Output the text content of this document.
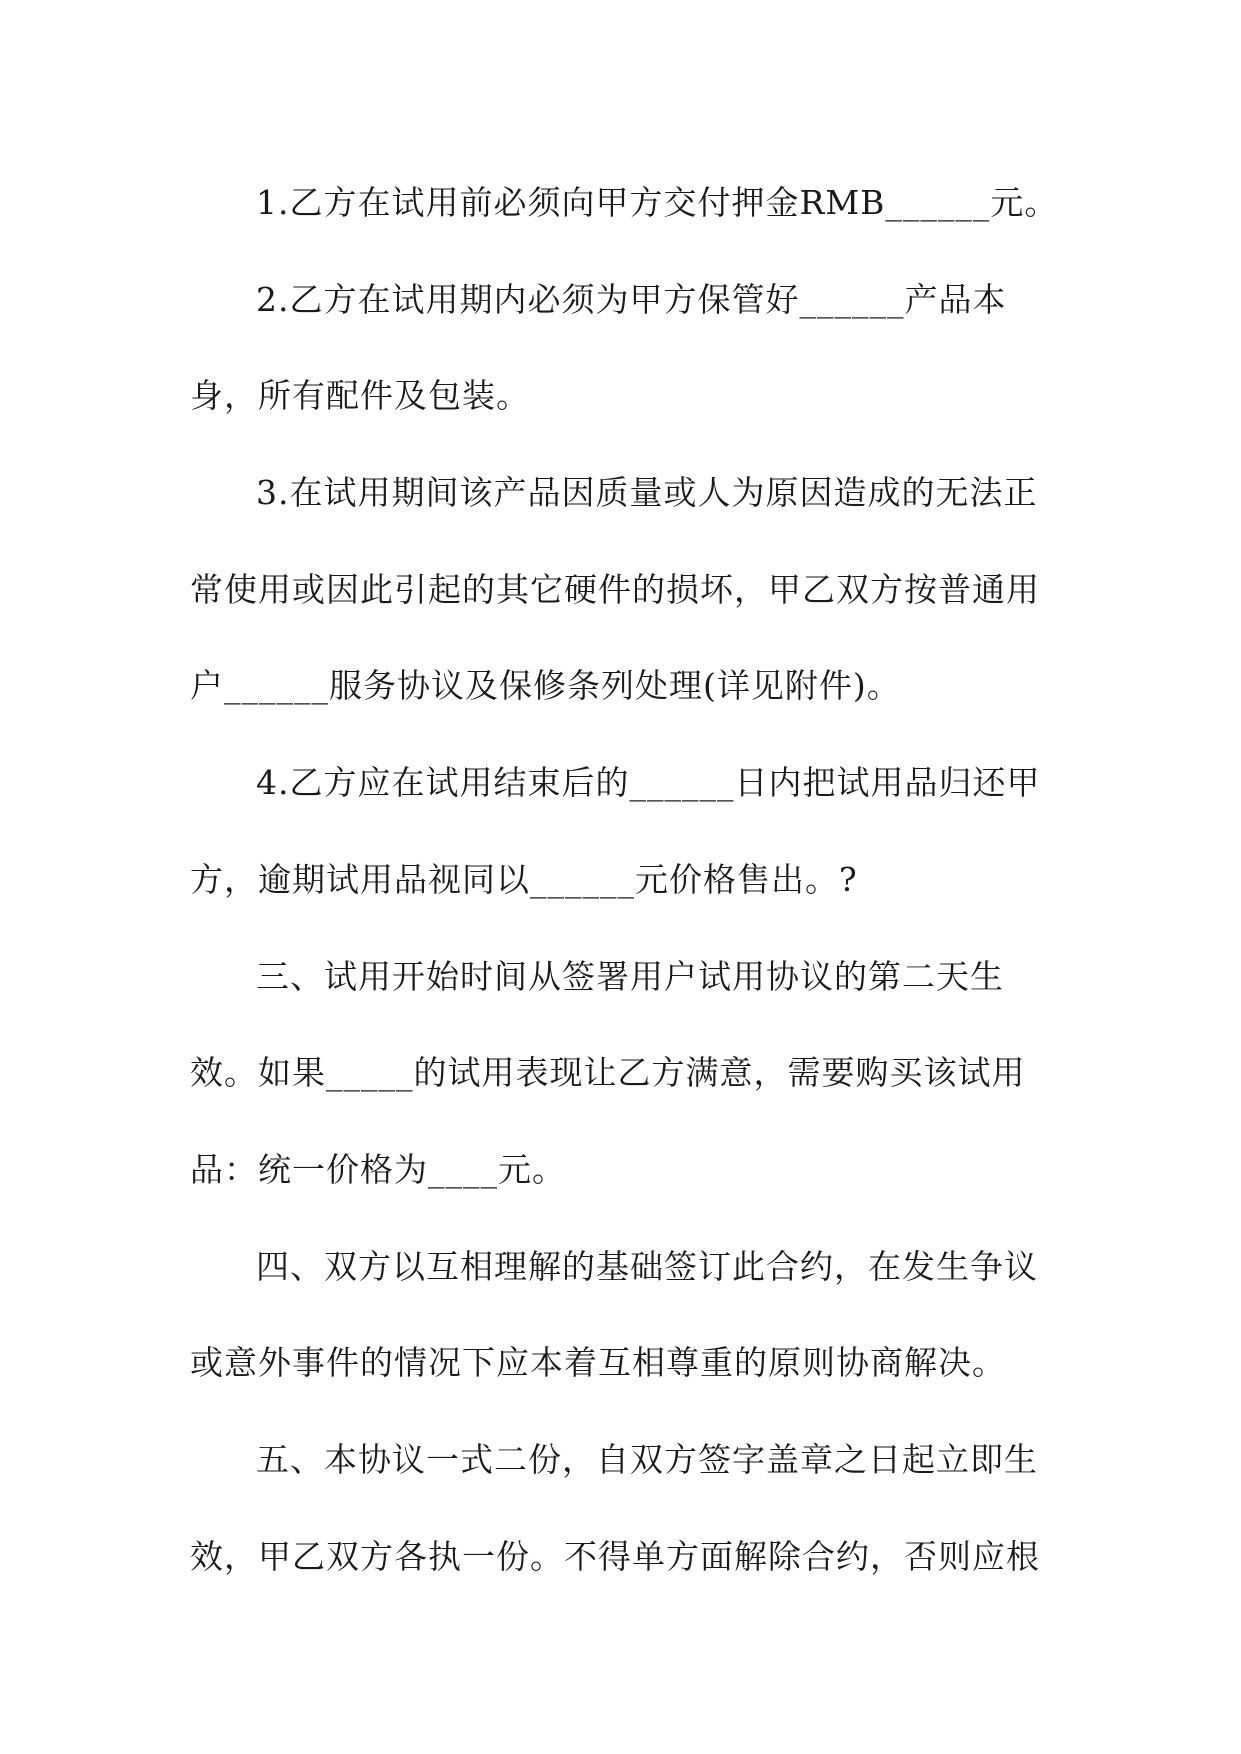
1.乙方在试用前必须向甲方交付押金RMB______元。
2.乙方在试用期内必须为甲方保管好______产品本
身，所有配件及包装。
3.在试用期间该产品因质量或人为原因造成的无法正
常使用或因此引起的其它硬件的损坏，甲乙双方按普通用
户______服务协议及保修条列处理(详见附件)。
4.乙方应在试用结束后的______日内把试用品归还甲
方，逾期试用品视同以______元价格售出。?
三、试用开始时间从签署用户试用协议的第二天生
效。如果_____的试用表现让乙方满意，需要购买该试用
品：统一价格为____元。
四、双方以互相理解的基础签订此合约，在发生争议
或意外事件的情况下应本着互相尊重的原则协商解决。
五、本协议一式二份，自双方签字盖章之日起立即生
效，甲乙双方各执一份。不得单方面解除合约，否则应根
